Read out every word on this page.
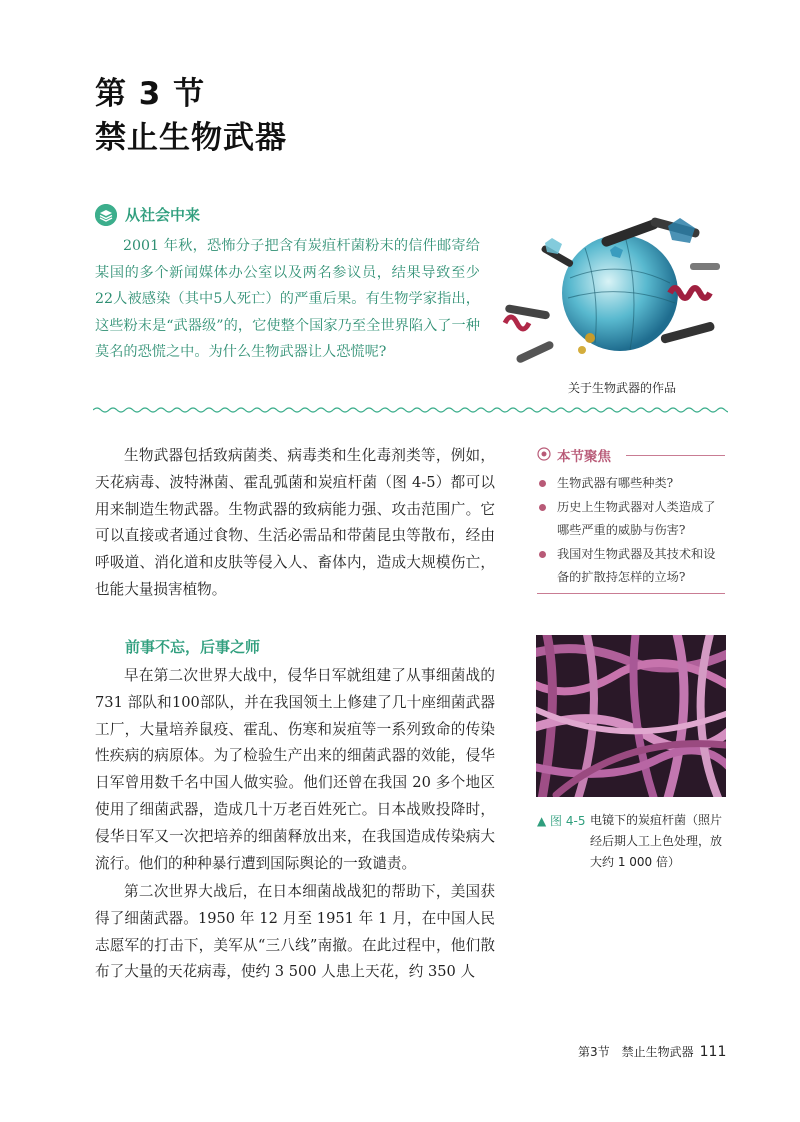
第 3 节
禁止生物武器
从社会中来
2001 年秋，恐怖分子把含有炭疽杆菌粉末的信件邮寄给某国的多个新闻媒体办公室以及两名参议员，结果导致至少22人被感染（其中5人死亡）的严重后果。有生物学家指出，这些粉末是“武器级”的，它使整个国家乃至全世界陷入了一种莫名的恐慌之中。为什么生物武器让人恐慌呢?
关于生物武器的作品
生物武器包括致病菌类、病毒类和生化毒剂类等，例如，天花病毒、波特淋菌、霍乱弧菌和炭疽杆菌（图 4-5）都可以用来制造生物武器。生物武器的致病能力强、攻击范围广。它可以直接或者通过食物、生活必需品和带菌昆虫等散布，经由呼吸道、消化道和皮肤等侵入人、畜体内，造成大规模伤亡，也能大量损害植物。
前事不忘，后事之师
早在第二次世界大战中，侵华日军就组建了从事细菌战的731 部队和100部队，并在我国领土上修建了几十座细菌武器工厂，大量培养鼠疫、霍乱、伤寒和炭疽等一系列致命的传染性疾病的病原体。为了检验生产出来的细菌武器的效能，侵华日军曾用数千名中国人做实验。他们还曾在我国 20 多个地区使用了细菌武器，造成几十万老百姓死亡。日本战败投降时，侵华日军又一次把培养的细菌释放出来，在我国造成传染病大流行。他们的种种暴行遭到国际舆论的一致谴责。
第二次世界大战后，在日本细菌战战犯的帮助下，美国获得了细菌武器。1950 年 12 月至 1951 年 1 月，在中国人民志愿军的打击下，美军从“三八线”南撤。在此过程中，他们散布了大量的天花病毒，使约 3 500 人患上天花，约 350 人
本节聚焦
生物武器有哪些种类?
历史上生物武器对人类造成了哪些严重的威胁与伤害?
我国对生物武器及其技术和设备的扩散持怎样的立场?
▲ 图 4-5 电镜下的炭疽杆菌（照片经后期人工上色处理，放大约 1 000 倍）
第3节　禁止生物武器 111
